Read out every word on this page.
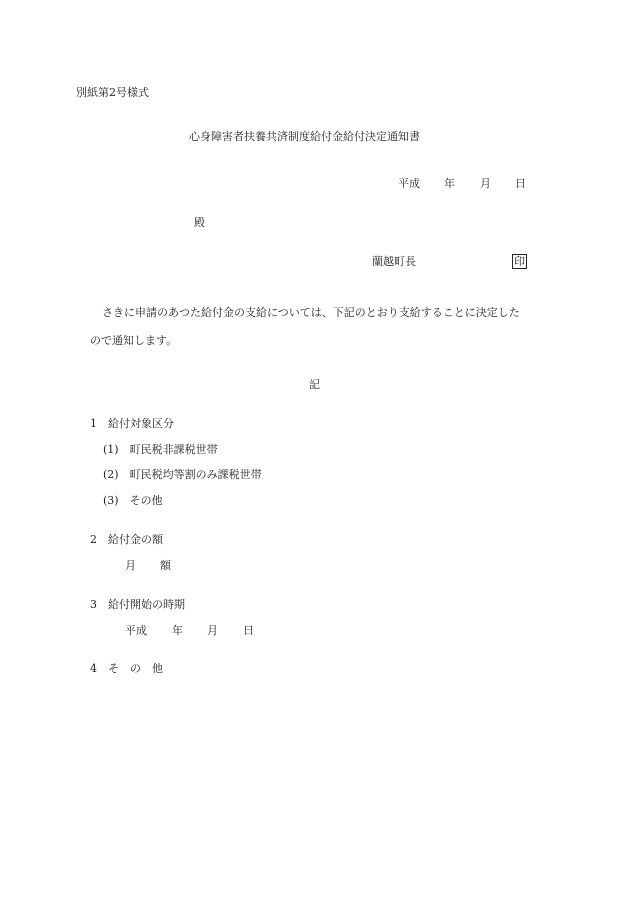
別紙第2号様式
心身障害者扶養共済制度給付金給付決定通知書
平成 年 月 日
殿
蘭越町長	印
さきに申請のあつた給付金の支給については、下記のとおり支給することに決定した
ので通知します。
記
1　給付対象区分
(1)　町民税非課税世帯
(2)　町民税均等割のみ課税世帯
(3)　その他
2　給付金の額
月 額
3　給付開始の時期
平成 年 月 日
4　そ　の　他
